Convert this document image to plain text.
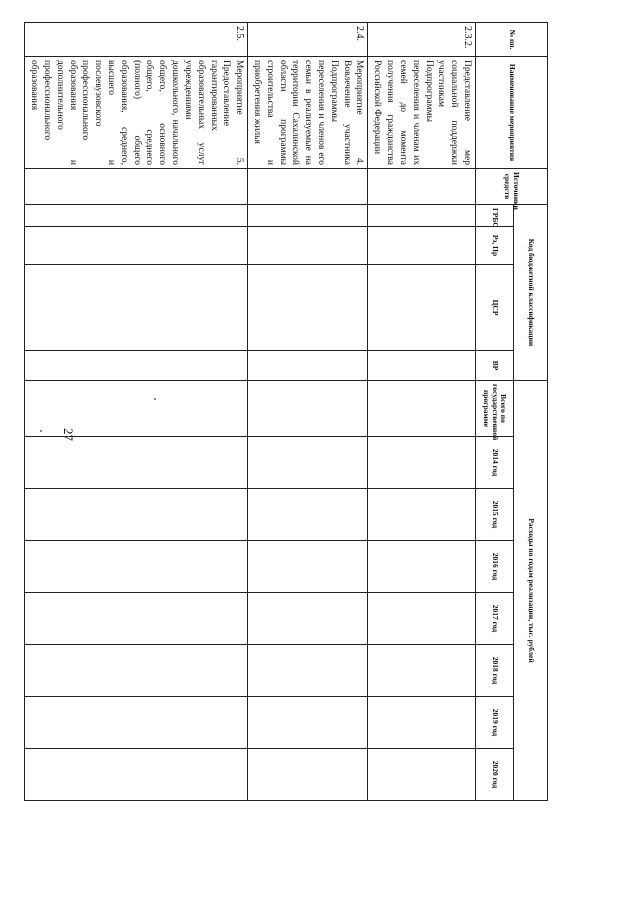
27
№ пп.	Наименование мероприятия	Источники средств	Код бюджетной классификации				Расходы по годам реализации, тыс. рублей								
			ГРБС	Рз, Пр	ЦСР	ВР	Всего по государственной программе	2014 год	2015 год	2016 год	2017 год	2018 год	2019 год	2020 год	
2.3.2.	Представление мер социальной поддержки участникам Подпрограммы переселения и членам их семей до момента получения гражданства Российской Федерации														
2.4.	Мероприятие 4. Вовлечение участника Подпрограммы переселения и членов его семьи в реализуемые на территории Сахалинской области программы строительства и приобретения жилья														
2.5.	Мероприятие 5. Предоставление гарантированных образовательных услуг учреждениями дошкольного, начального общего, основного общего, среднего (полного) общего образования, среднего, высшего и послевузовского профессионального образования и дополнительного профессионального образования														
